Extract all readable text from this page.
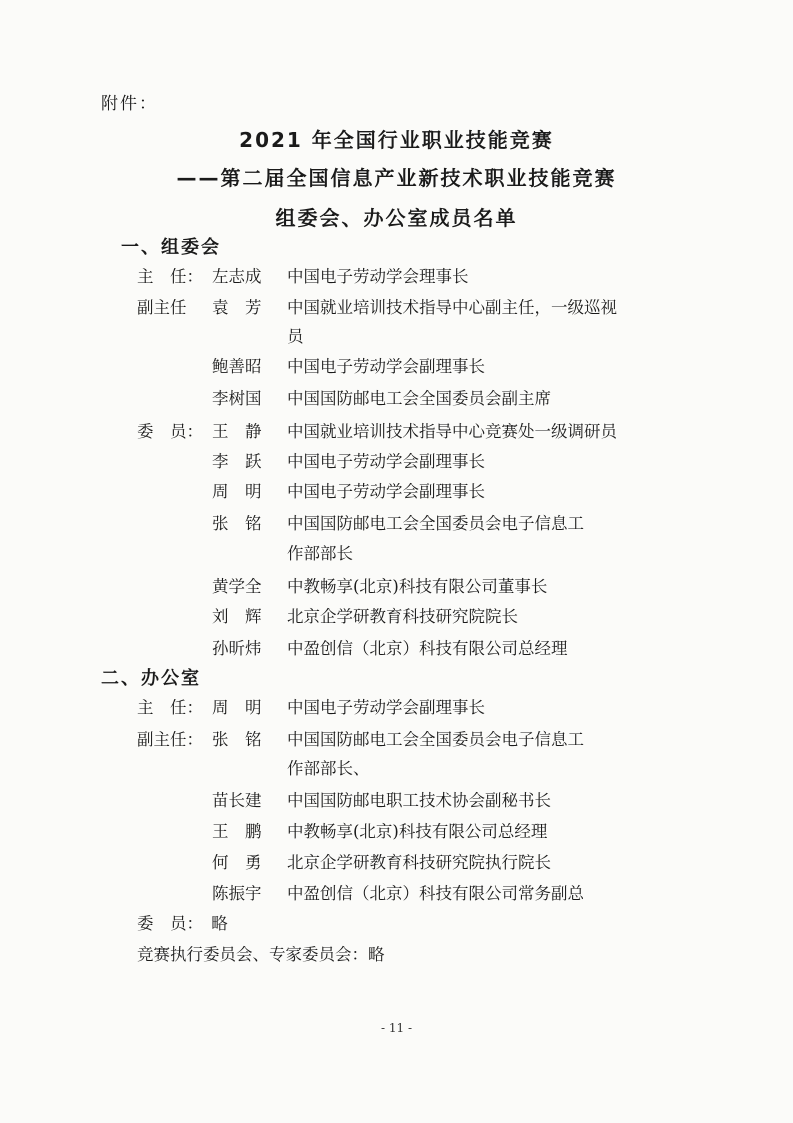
附件：
2021 年全国行业职业技能竞赛
——第二届全国信息产业新技术职业技能竞赛
组委会、办公室成员名单
一、组委会
主　任： 左志成 中国电子劳动学会理事长
副主任 袁　芳 中国就业培训技术指导中心副主任，一级巡视
员
鲍善昭 中国电子劳动学会副理事长
李树国 中国国防邮电工会全国委员会副主席
委　员： 王　静 中国就业培训技术指导中心竞赛处一级调研员
李　跃 中国电子劳动学会副理事长
周　明 中国电子劳动学会副理事长
张　铭 中国国防邮电工会全国委员会电子信息工
作部部长
黄学全 中教畅享(北京)科技有限公司董事长
刘　辉 北京企学研教育科技研究院院长
孙昕炜 中盈创信（北京）科技有限公司总经理
二、办公室
主　任： 周　明 中国电子劳动学会副理事长
副主任： 张　铭 中国国防邮电工会全国委员会电子信息工
作部部长、
苗长建 中国国防邮电职工技术协会副秘书长
王　鹏 中教畅享(北京)科技有限公司总经理
何　勇 北京企学研教育科技研究院执行院长
陈振宇 中盈创信（北京）科技有限公司常务副总
委　员：　略
竞赛执行委员会、专家委员会：略
- 11 -
